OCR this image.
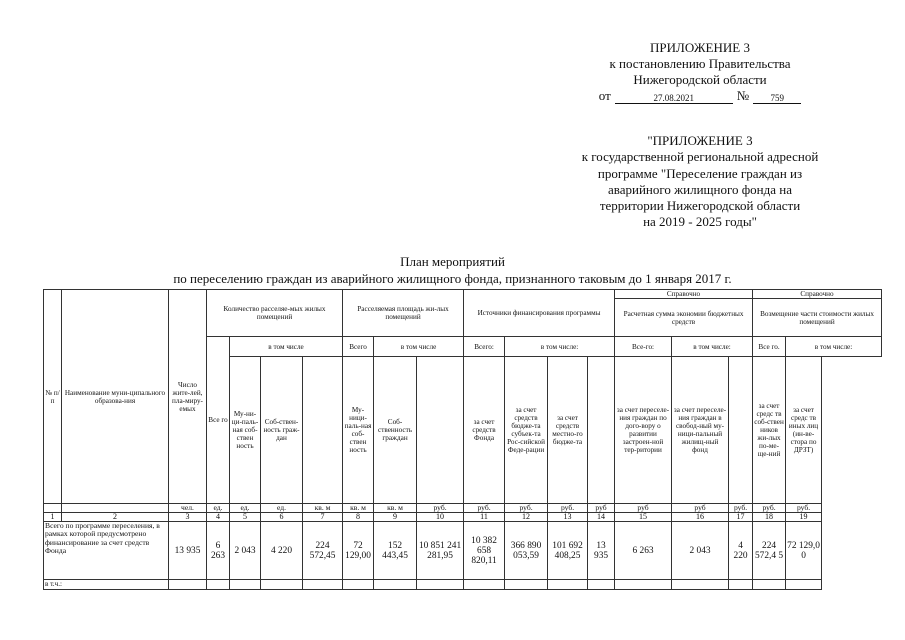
ПРИЛОЖЕНИЕ 3
к постановлению Правительства
Нижегородской области
от	27.08.2021	№	759
"ПРИЛОЖЕНИЕ 3
к государственной региональной адресной
программе "Переселение граждан из
аварийного жилищного фонда на
территории Нижегородской области
на 2019 - 2025 годы"
План мероприятий
по переселению граждан из аварийного жилищного фонда, признанного таковым до 1 января 2017 г.
№ п/п	Наименование муни-ципального образова-ния	Число жите-лей, пла-миру-емых	Количество расселяе-мых жилых помещений				Расселяемая площадь жи-лых помещений			Источники финансирования программы				Справочно			Справочно	
														Расчетная сумма экономии бюджетных средств			Возмещение части стоимости жилых помещений	
			Все го	в том числе			Всего	в том числе		Всего:	в том числе:			Все-го:	в том числе:		Все го.	в том числе:
				Му-ни-ци-паль-ная соб-ствен ность	Соб-ствен-ность граж-дан		Му-ници-паль-ная соб-ствен ность	Соб-ственность граждан		за счет средств Фонда	за счет средств бюдже-та субъек-та Рос-сийской Феде-рации	за счет средств местно-го бюдже-та		за счет переселе-ния граждан по дого-вору о развитии застроен-ной тер-ритории	за счет переселе-ния граждан в свобод-ный му-ници-пальный жилищ-ный фонд		за счет средс тв соб-ствен ников жи-лых по-ме-ще-ний	за счет средс тв иных лиц (ин-ве-стора по ДРЗТ)
		чел.	ед.	ед.	ед.	кв. м	кв. м	кв. м	руб.	руб.	руб.	руб.	руб	руб	руб	руб.	руб.	руб.
1	2	3	4	5	6	7	8	9	10	11	12	13	14	15	16	17	18	19
Всего по программе переселения, в рамках которой предусмотрено финансирование за счет средств Фонда		13 935	6 263	2 043	4 220	224 572,45	72 129,00	152 443,45	10 851 241 281,95	10 382 658 820,11	366 890 053,59	101 692 408,25	13 935	6 263	2 043	4 220	224 572,4 5	72 129,0 0
в т.ч.:																		
